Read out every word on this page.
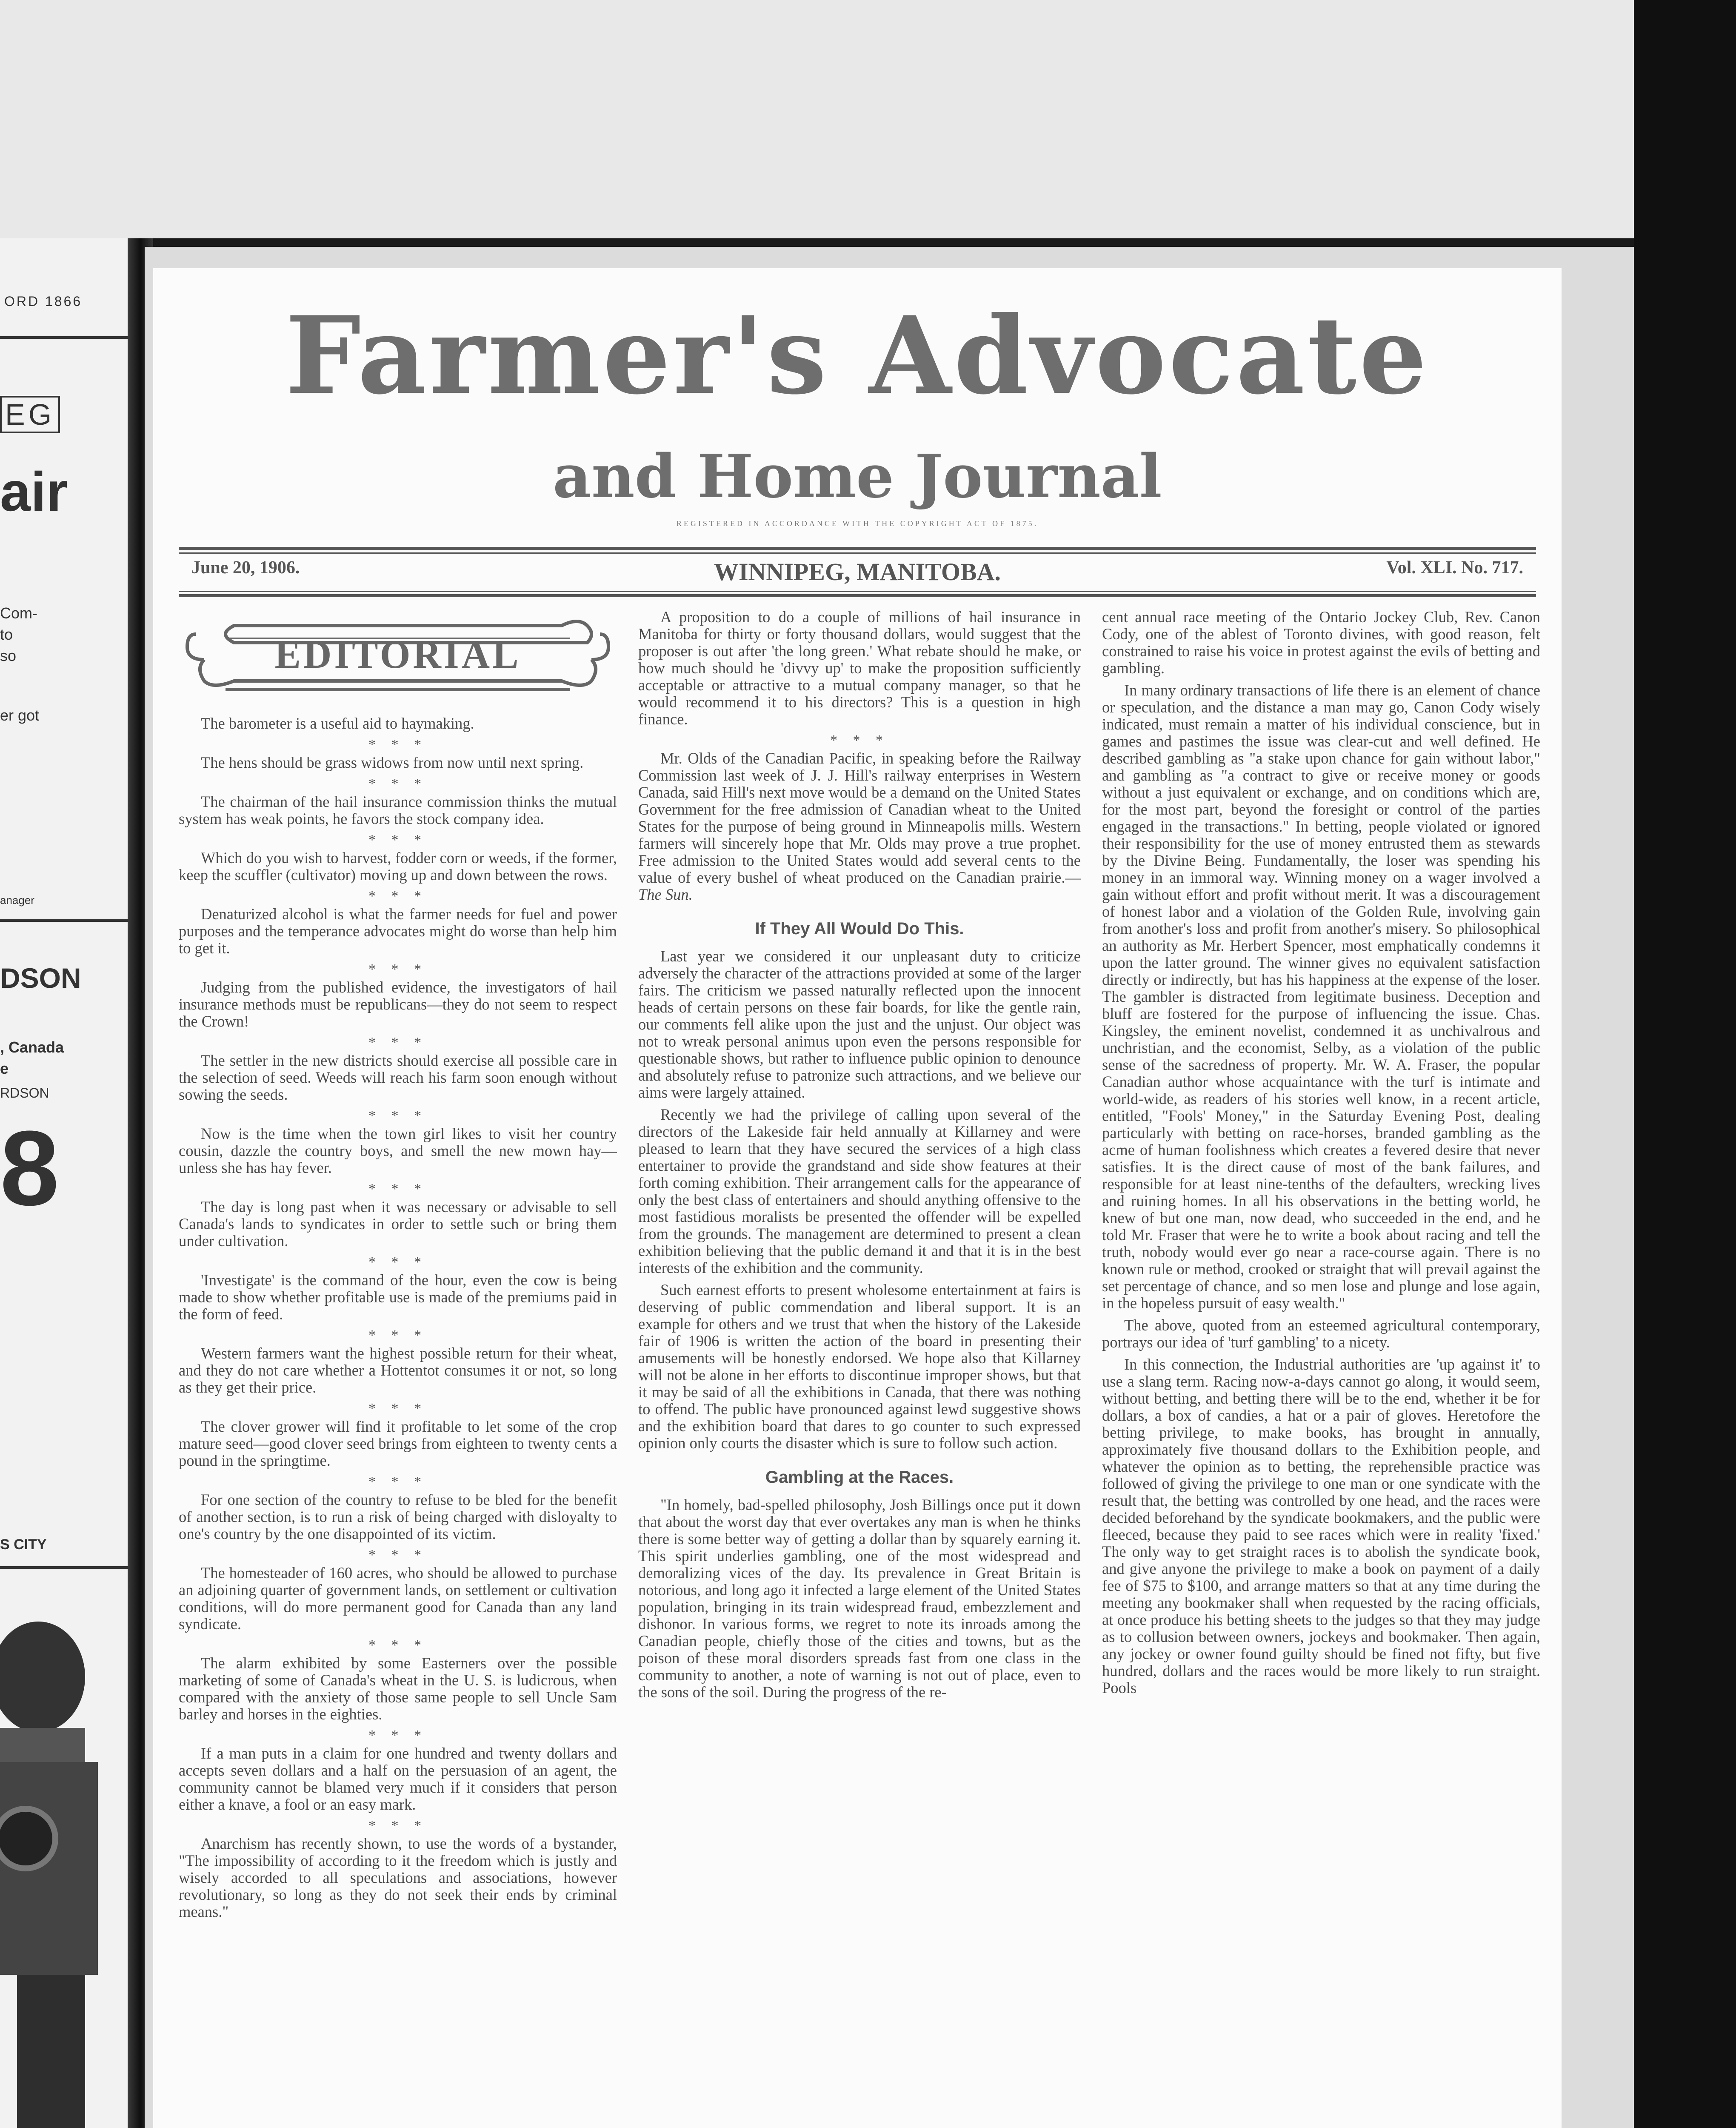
ORD 1866
EG
air
Com-
to
so
er got
anager
DSON
, Canada
e
RDSON
8
S CITY
Farmer's Advocate
and Home Journal
REGISTERED IN ACCORDANCE WITH THE COPYRIGHT ACT OF 1875.
June 20, 1906.	WINNIPEG, MANITOBA.	Vol. XLI. No. 717.
EDITORIAL

The barometer is a useful aid to haymaking.

* * *

The hens should be grass widows from now until next spring.

* * *

The chairman of the hail insurance commission thinks the mutual system has weak points, he favors the stock company idea.

* * *

Which do you wish to harvest, fodder corn or weeds, if the former, keep the scuffler (cultivator) moving up and down between the rows.

* * *

Denaturized alcohol is what the farmer needs for fuel and power purposes and the temperance advocates might do worse than help him to get it.

* * *

Judging from the published evidence, the investigators of hail insurance methods must be republicans—they do not seem to respect the Crown!

* * *

The settler in the new districts should exercise all possible care in the selection of seed. Weeds will reach his farm soon enough without sowing the seeds.

* * *

Now is the time when the town girl likes to visit her country cousin, dazzle the country boys, and smell the new mown hay—unless she has hay fever.

* * *

The day is long past when it was necessary or advisable to sell Canada's lands to syndicates in order to settle such or bring them under cultivation.

* * *

'Investigate' is the command of the hour, even the cow is being made to show whether profitable use is made of the premiums paid in the form of feed.

* * *

Western farmers want the highest possible return for their wheat, and they do not care whether a Hottentot consumes it or not, so long as they get their price.

* * *

The clover grower will find it profitable to let some of the crop mature seed—good clover seed brings from eighteen to twenty cents a pound in the springtime.

* * *

For one section of the country to refuse to be bled for the benefit of another section, is to run a risk of being charged with disloyalty to one's country by the one disappointed of its victim.

* * *

The homesteader of 160 acres, who should be allowed to purchase an adjoining quarter of government lands, on settlement or cultivation conditions, will do more permanent good for Canada than any land syndicate.

* * *

The alarm exhibited by some Easterners over the possible marketing of some of Canada's wheat in the U. S. is ludicrous, when compared with the anxiety of those same people to sell Uncle Sam barley and horses in the eighties.

* * *

If a man puts in a claim for one hundred and twenty dollars and accepts seven dollars and a half on the persuasion of an agent, the community cannot be blamed very much if it considers that person either a knave, a fool or an easy mark.

* * *

Anarchism has recently shown, to use the words of a bystander, "The impossibility of according to it the freedom which is justly and wisely accorded to all speculations and associations, however revolutionary, so long as they do not seek their ends by criminal means."

A proposition to do a couple of millions of hail insurance in Manitoba for thirty or forty thousand dollars, would suggest that the proposer is out after 'the long green.' What rebate should he make, or how much should he 'divvy up' to make the proposition sufficiently acceptable or attractive to a mutual company manager, so that he would recommend it to his directors? This is a question in high finance.

* * *

Mr. Olds of the Canadian Pacific, in speaking before the Railway Commission last week of J. J. Hill's railway enterprises in Western Canada, said Hill's next move would be a demand on the United States Government for the free admission of Canadian wheat to the United States for the purpose of being ground in Minneapolis mills. Western farmers will sincerely hope that Mr. Olds may prove a true prophet. Free admission to the United States would add several cents to the value of every bushel of wheat produced on the Canadian prairie.—The Sun.

If They All Would Do This.

Last year we considered it our unpleasant duty to criticize adversely the character of the attractions provided at some of the larger fairs. The criticism we passed naturally reflected upon the innocent heads of certain persons on these fair boards, for like the gentle rain, our comments fell alike upon the just and the unjust. Our object was not to wreak personal animus upon even the persons responsible for questionable shows, but rather to influence public opinion to denounce and absolutely refuse to patronize such attractions, and we believe our aims were largely attained.

Recently we had the privilege of calling upon several of the directors of the Lakeside fair held annually at Killarney and were pleased to learn that they have secured the services of a high class entertainer to provide the grandstand and side show features at their forth coming exhibition. Their arrangement calls for the appearance of only the best class of entertainers and should anything offensive to the most fastidious moralists be presented the offender will be expelled from the grounds. The management are determined to present a clean exhibition believing that the public demand it and that it is in the best interests of the exhibition and the community.

Such earnest efforts to present wholesome entertainment at fairs is deserving of public commendation and liberal support. It is an example for others and we trust that when the history of the Lakeside fair of 1906 is written the action of the board in presenting their amusements will be honestly endorsed. We hope also that Killarney will not be alone in her efforts to discontinue improper shows, but that it may be said of all the exhibitions in Canada, that there was nothing to offend. The public have pronounced against lewd suggestive shows and the exhibition board that dares to go counter to such expressed opinion only courts the disaster which is sure to follow such action.

Gambling at the Races.

"In homely, bad-spelled philosophy, Josh Billings once put it down that about the worst day that ever overtakes any man is when he thinks there is some better way of getting a dollar than by squarely earning it. This spirit underlies gambling, one of the most widespread and demoralizing vices of the day. Its prevalence in Great Britain is notorious, and long ago it infected a large element of the United States population, bringing in its train widespread fraud, embezzlement and dishonor. In various forms, we regret to note its inroads among the Canadian people, chiefly those of the cities and towns, but as the poison of these moral disorders spreads fast from one class in the community to another, a note of warning is not out of place, even to the sons of the soil. During the progress of the re-

cent annual race meeting of the Ontario Jockey Club, Rev. Canon Cody, one of the ablest of Toronto divines, with good reason, felt constrained to raise his voice in protest against the evils of betting and gambling.

In many ordinary transactions of life there is an element of chance or speculation, and the distance a man may go, Canon Cody wisely indicated, must remain a matter of his individual conscience, but in games and pastimes the issue was clear-cut and well defined. He described gambling as "a stake upon chance for gain without labor," and gambling as "a contract to give or receive money or goods without a just equivalent or exchange, and on conditions which are, for the most part, beyond the foresight or control of the parties engaged in the transactions." In betting, people violated or ignored their responsibility for the use of money entrusted them as stewards by the Divine Being. Fundamentally, the loser was spending his money in an immoral way. Winning money on a wager involved a gain without effort and profit without merit. It was a discouragement of honest labor and a violation of the Golden Rule, involving gain from another's loss and profit from another's misery. So philosophical an authority as Mr. Herbert Spencer, most emphatically condemns it upon the latter ground. The winner gives no equivalent satisfaction directly or indirectly, but has his happiness at the expense of the loser. The gambler is distracted from legitimate business. Deception and bluff are fostered for the purpose of influencing the issue. Chas. Kingsley, the eminent novelist, condemned it as unchivalrous and unchristian, and the economist, Selby, as a violation of the public sense of the sacredness of property. Mr. W. A. Fraser, the popular Canadian author whose acquaintance with the turf is intimate and world-wide, as readers of his stories well know, in a recent article, entitled, "Fools' Money," in the Saturday Evening Post, dealing particularly with betting on race-horses, branded gambling as the acme of human foolishness which creates a fevered desire that never satisfies. It is the direct cause of most of the bank failures, and responsible for at least nine-tenths of the defaulters, wrecking lives and ruining homes. In all his observations in the betting world, he knew of but one man, now dead, who succeeded in the end, and he told Mr. Fraser that were he to write a book about racing and tell the truth, nobody would ever go near a race-course again. There is no known rule or method, crooked or straight that will prevail against the set percentage of chance, and so men lose and plunge and lose again, in the hopeless pursuit of easy wealth."

The above, quoted from an esteemed agricultural contemporary, portrays our idea of 'turf gambling' to a nicety.

In this connection, the Industrial authorities are 'up against it' to use a slang term. Racing now-a-days cannot go along, it would seem, without betting, and betting there will be to the end, whether it be for dollars, a box of candies, a hat or a pair of gloves. Heretofore the betting privilege, to make books, has brought in annually, approximately five thousand dollars to the Exhibition people, and whatever the opinion as to betting, the reprehensible practice was followed of giving the privilege to one man or one syndicate with the result that, the betting was controlled by one head, and the races were decided beforehand by the syndicate bookmakers, and the public were fleeced, because they paid to see races which were in reality 'fixed.' The only way to get straight races is to abolish the syndicate book, and give anyone the privilege to make a book on payment of a daily fee of $75 to $100, and arrange matters so that at any time during the meeting any bookmaker shall when requested by the racing officials, at once produce his betting sheets to the judges so that they may judge as to collusion between owners, jockeys and bookmaker. Then again, any jockey or owner found guilty should be fined not fifty, but five hundred, dollars and the races would be more likely to run straight. Pools
